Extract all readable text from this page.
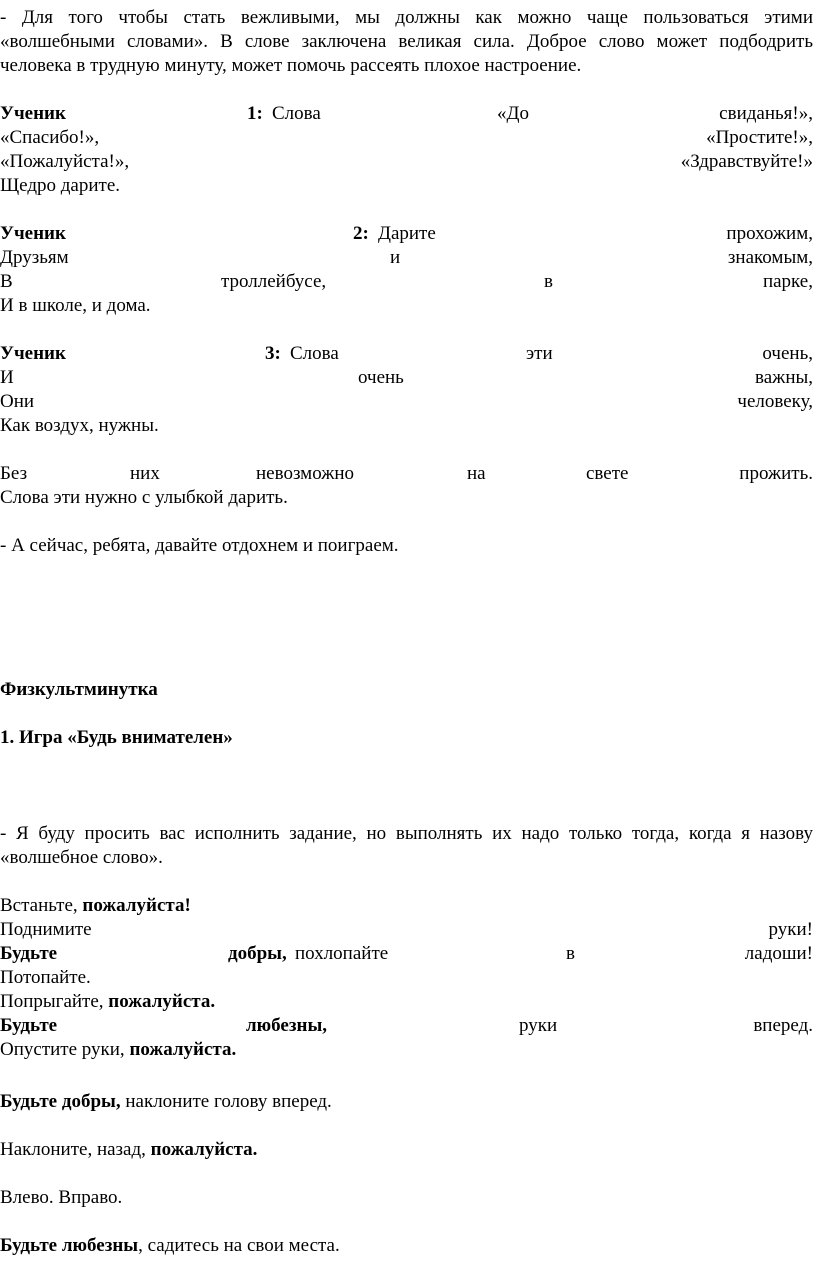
- Для того чтобы стать вежливыми, мы должны как можно чаще пользоваться этими
«волшебными словами». В слове заключена великая сила. Доброе слово может подбодрить
человека в трудную минуту, может помочь рассеять плохое настроение.
Ученик	1: Слова	«До	свиданья!»,
«Спасибо!»,	«Простите!»,
«Пожалуйста!»,	«Здравствуйте!»
Щедро дарите.
Ученик	2: Дарите	прохожим,
Друзьям	и	знакомым,
В	троллейбусе,	в	парке,
И в школе, и дома.
Ученик	3: Слова	эти	очень,
И	очень	важны,
Они	человеку,
Как воздух, нужны.
Без	них	невозможно	на	свете	прожить.
Слова эти нужно с улыбкой дарить.
- А сейчас, ребята, давайте отдохнем и поиграем.
Физкультминутка
1. Игра «Будь внимателен»
- Я буду просить вас исполнить задание, но выполнять их надо только тогда, когда я назову
«волшебное слово».
Встаньте, пожалуйста!
Поднимите	руки!
Будьте	добры, похлопайте	в	ладоши!
Потопайте.
Попрыгайте, пожалуйста.
Будьте	любезны,	руки	вперед.
Опустите руки, пожалуйста.
Будьте добры, наклоните голову вперед.
Наклоните, назад, пожалуйста.
Влево. Вправо.
Будьте любезны, садитесь на свои места.
